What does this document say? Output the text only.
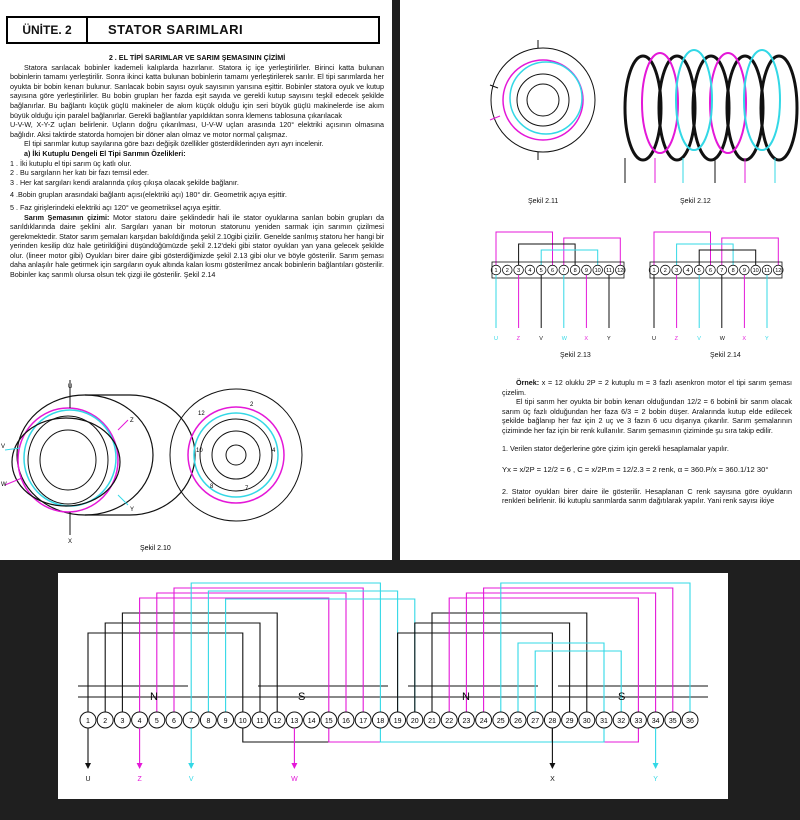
ÜNİTE. 2	STATOR SARIMLARI

2 . EL TİPİ SARIMLAR VE SARIM ŞEMASININ ÇİZİMİ

Statora sarılacak bobinler kademeli kalıplarda hazırlanır. Statora iç içe yerleştirilirler. Birinci katta bulunan bobinlerin tamamı yerleştirilir. Sonra ikinci katta bulunan bobinlerin tamamı yerleştirilerek sarılır. El tipi sarımlarda her oyukta bir bobin kenarı bulunur. Sarılacak bobin sayısı oyuk sayısının yarısına eşittir. Bobinler statora oyuk ve kutup sayısına göre yerleştirilirler. Bu bobin grupları her fazda eşit sayıda ve gerekli kutup sayısını teşkil edecek şekilde bağlanırlar. Bu bağlantı küçük güçlü makineler de akım küçük olduğu için seri büyük güçlü makinelerde ise akım büyük olduğu için paralel bağlanırlar. Gerekli bağlantılar yapıldıktan sonra klemens tablosuna çıkarılacak

U-V-W, X-Y-Z uçları belirlenir. Uçların doğru çıkarılması, U-V-W uçları arasında 120° elektriki açısının olmasına bağlıdır. Aksi taktirde statorda homojen bir döner alan olmaz ve motor normal çalışmaz.

El tipi sarımlar kutup sayılarına göre bazı değişik özellikler gösterdiklerinden ayrı ayrı incelenir.

a) İki Kutuplu Dengeli El Tipi Sarımın Özelikleri:

1 . İki kutuplu el tipi sarım üç katlı olur.

2 . Bu sargıların her katı bir fazı temsil eder.

3 . Her kat sargıları kendi aralarında çıkış çıkışa olacak şekilde bağlanır.

4 .Bobin grupları arasındaki bağlantı açısı(elektriki açı) 180° dir. Geometrik açıya eşittir.

5 . Faz girişlerindeki elektriki açı 120° ve geometriksel açıya eşittir.

Sarım Şemasının çizimi: Motor statoru daire şeklindedir hali ile stator oyuklarına sarılan bobin grupları da sarıldıklarında daire şeklini alır. Sargıları yanan bir motorun statorunu yeniden sarmak için sarımın çizilmesi gerekmektedir. Stator sarım şemaları karşıdan bakıldığında şekil 2.10gibi çizilir. Genelde sarılmış statoru her hangi bir yerinden kesilip düz hale getirildiğini düşündüğümüzde şekil 2.12'deki gibi stator oyukları yan yana gelecek şekilde olur. (lineer motor gibi) Oyukları birer daire gibi gösterdiğimizde şekil 2.13 gibi olur ve böyle gösterilir. Sarım şeması daha anlaşılır hale getirmek için sargıların oyuk altında kalan kısmı gösterilmez ancak bobinlerin bağlantıları gösterilir. Bobinler kaç sarımlı olursa olsun tek çizgi ile gösterilir. Şekil 2.14

U
X
Z
V
W
Y
12
2
4
7
8
10
Şekil 2.10
Şekil 2.11	Şekil 2.12
1 2 3 4 5 6 7 8 9 10 11 12
U	Z	V	W	X	Y
Şekil 2.13
1 2 3 4 5 6 7 8 9 10 11 12
U	Z	V	W	X	Y
Şekil 2.14

Örnek: x = 12 oluklu 2P = 2 kutuplu m = 3 fazlı asenkron motor el tipi sarım şeması çizelim.

El tipi sarım her oyukta bir bobin kenarı olduğundan 12/2 = 6 bobinli bir sarım olacak sarım üç fazlı olduğundan her faza 6/3 = 2 bobin düşer. Aralarında kutup elde edilecek şekilde bağlanıp her faz için 2 uç ve 3 fazın 6 ucu dışarıya çıkarılır. Sarım şemalarının çiziminde her faz için bir renk kullanılır. Sarım şemasının çiziminde şu sıra takip edilir.

1. Verilen stator değerlerine göre çizim için gerekli hesaplamalar yapılır.

Yx = x/2P = 12/2 = 6 , C = x/2P.m = 12/2.3 = 2 renk, α = 360.P/x = 360.1/12 30°

2. Stator oyukları birer daire ile gösterilir. Hesaplanan C renk sayısına göre oyukların renkleri belirlenir. İki kutuplu sarımlarda sarım dağıtılarak yapılır. Yani renk sayısı ikiye

1 2 3 4 5 6 7 8 9 10 11 12 13 14 15 16 17 18 19 20 21 22 23 24 25 26 27 28 29 30 31 32 33 34 35 36
N	S	N	S
U	Z	V	W	X	Y
